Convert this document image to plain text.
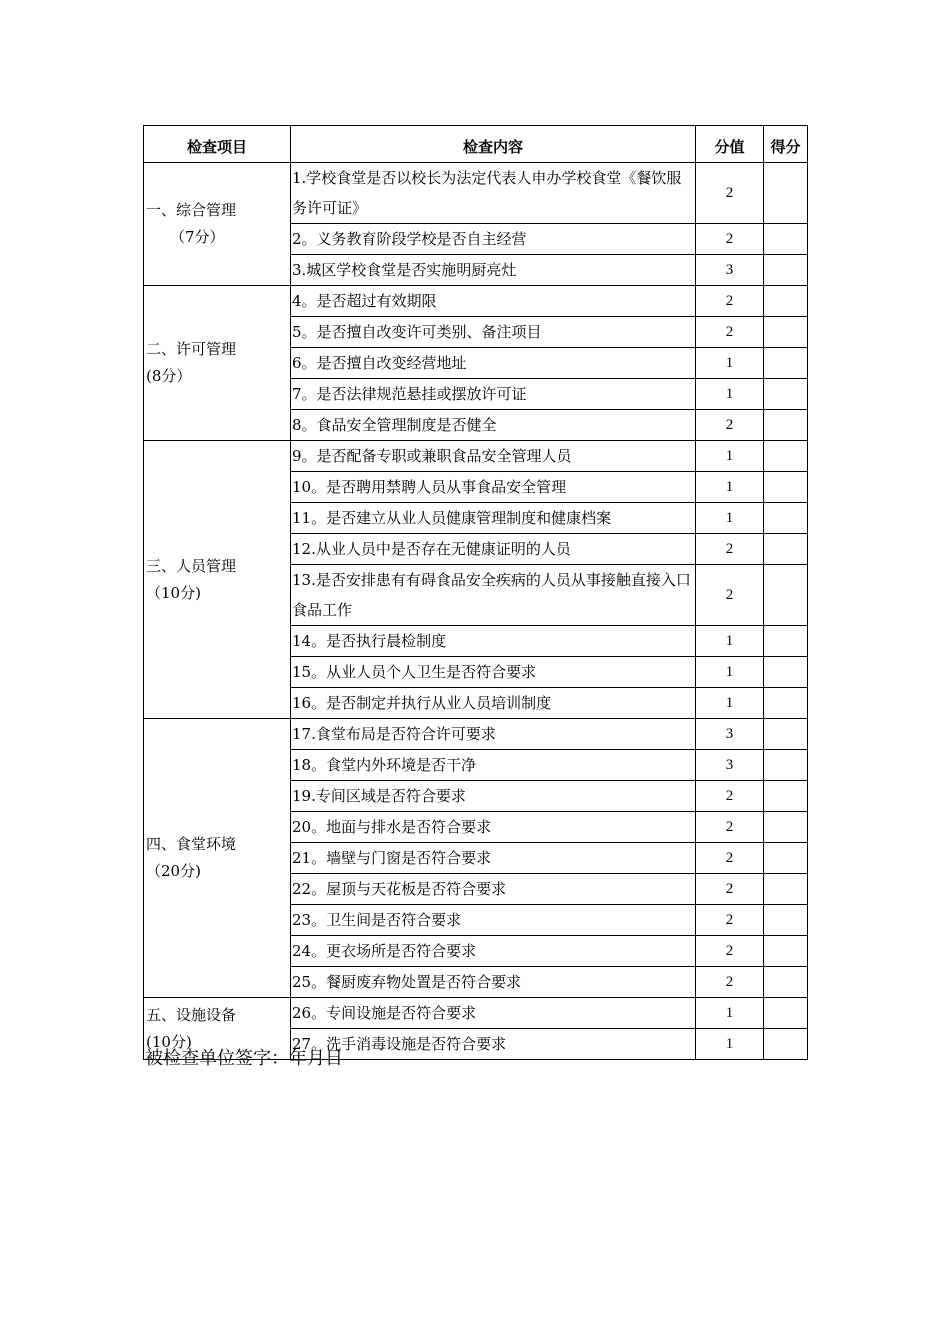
检查项目	检查内容	分值	得分

一、综合管理
（7分）	1.学校食堂是否以校长为法定代表人申办学校食堂《餐饮服务许可证》	2	
	2。义务教育阶段学校是否自主经营	2	
	3.城区学校食堂是否实施明厨亮灶	3	

二、许可管理
(8分）	4。是否超过有效期限	2	
	5。是否擅自改变许可类别、备注项目	2	
	6。是否擅自改变经营地址	1	
	7。是否法律规范悬挂或摆放许可证	1	
	8。食品安全管理制度是否健全	2	

三、人员管理
（10分)	9。是否配备专职或兼职食品安全管理人员	1	
	10。是否聘用禁聘人员从事食品安全管理	1	
	11。是否建立从业人员健康管理制度和健康档案	1	
	12.从业人员中是否存在无健康证明的人员	2	
	13.是否安排患有有碍食品安全疾病的人员从事接触直接入口食品工作	2	
	14。是否执行晨检制度	1	
	15。从业人员个人卫生是否符合要求	1	
	16。是否制定并执行从业人员培训制度	1	

四、食堂环境
（20分)	17.食堂布局是否符合许可要求	3	
	18。食堂内外环境是否干净	3	
	19.专间区域是否符合要求	2	
	20。地面与排水是否符合要求	2	
	21。墙壁与门窗是否符合要求	2	
	22。屋顶与天花板是否符合要求	2	
	23。卫生间是否符合要求	2	
	24。更衣场所是否符合要求	2	
	25。餐厨废弃物处置是否符合要求	2	

五、设施设备
(10分)	26。专间设施是否符合要求	1	
	27。洗手消毒设施是否符合要求	1	
被检查单位签字：年月日
